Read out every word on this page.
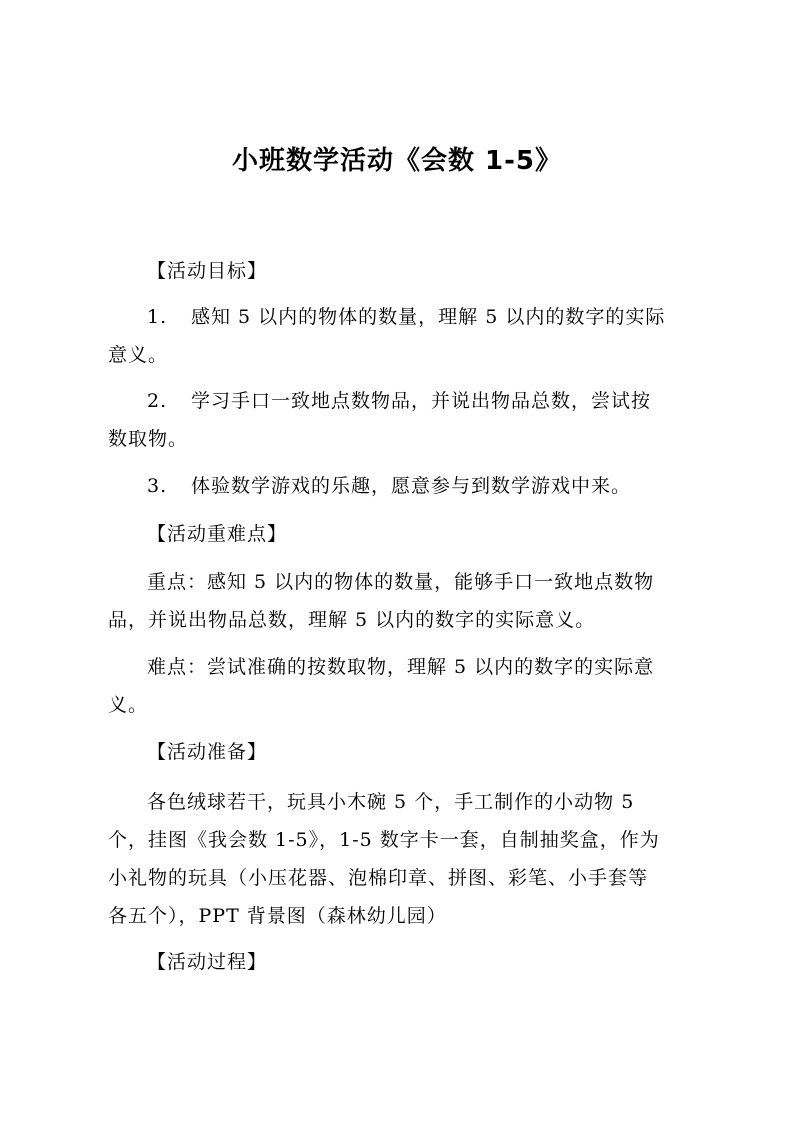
小班数学活动《会数 1-5》
【活动目标】
1. 感知 5 以内的物体的数量，理解 5 以内的数字的实际
意义。
2. 学习手口一致地点数物品，并说出物品总数，尝试按
数取物。
3. 体验数学游戏的乐趣，愿意参与到数学游戏中来。
【活动重难点】
重点：感知 5 以内的物体的数量，能够手口一致地点数物
品，并说出物品总数，理解 5 以内的数字的实际意义。
难点：尝试准确的按数取物，理解 5 以内的数字的实际意
义。
【活动准备】
各色绒球若干，玩具小木碗 5 个，手工制作的小动物 5
个，挂图《我会数 1-5》，1-5 数字卡一套，自制抽奖盒，作为
小礼物的玩具（小压花器、泡棉印章、拼图、彩笔、小手套等
各五个），PPT 背景图（森林幼儿园）
【活动过程】
